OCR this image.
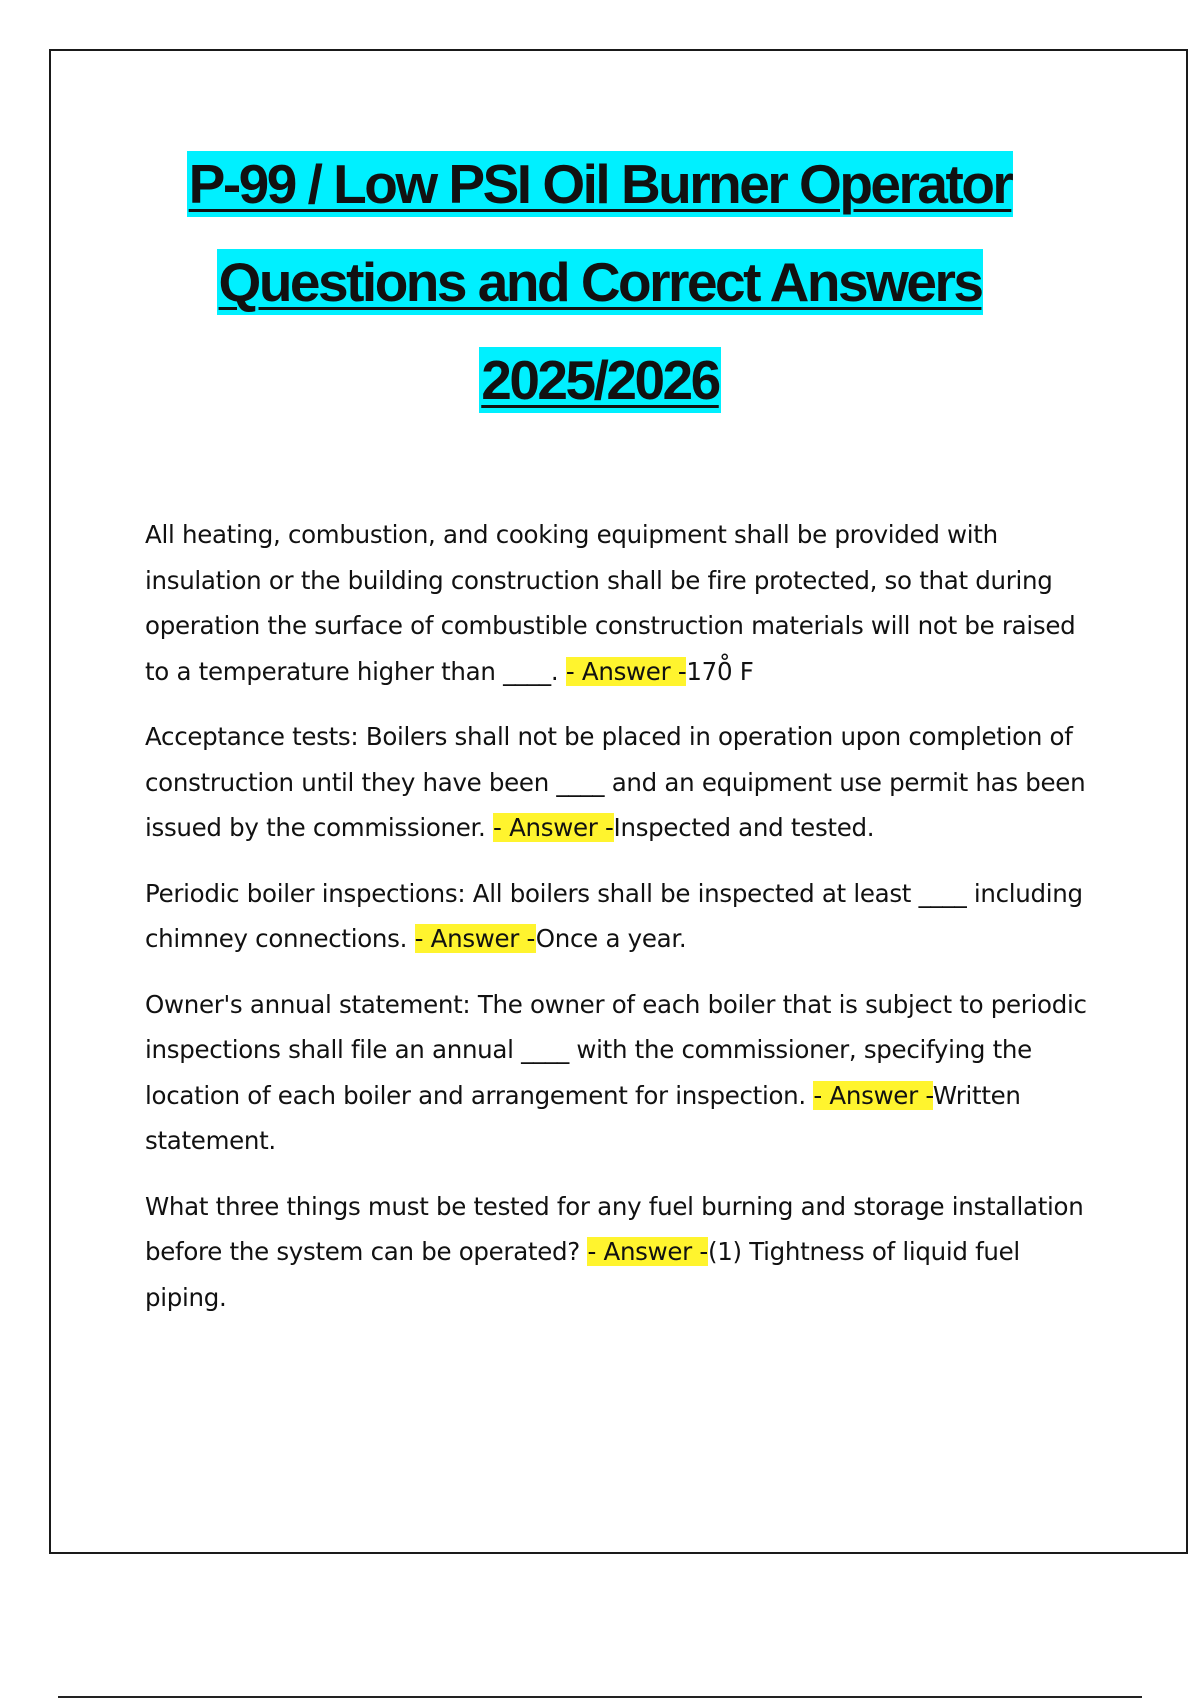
P-99 / Low PSI Oil Burner Operator
Questions and Correct Answers
2025/2026

All heating, combustion, and cooking equipment shall be provided with insulation or the building construction shall be fire protected, so that during operation the surface of combustible construction materials will not be raised to a temperature higher than ____. - Answer -170̊ F

Acceptance tests: Boilers shall not be placed in operation upon completion of construction until they have been ____ and an equipment use permit has been issued by the commissioner. - Answer -Inspected and tested.

Periodic boiler inspections: All boilers shall be inspected at least ____ including chimney connections. - Answer -Once a year.

Owner's annual statement: The owner of each boiler that is subject to periodic inspections shall file an annual ____ with the commissioner, specifying the location of each boiler and arrangement for inspection. - Answer -Written statement.

What three things must be tested for any fuel burning and storage installation before the system can be operated? - Answer -(1) Tightness of liquid fuel piping.
